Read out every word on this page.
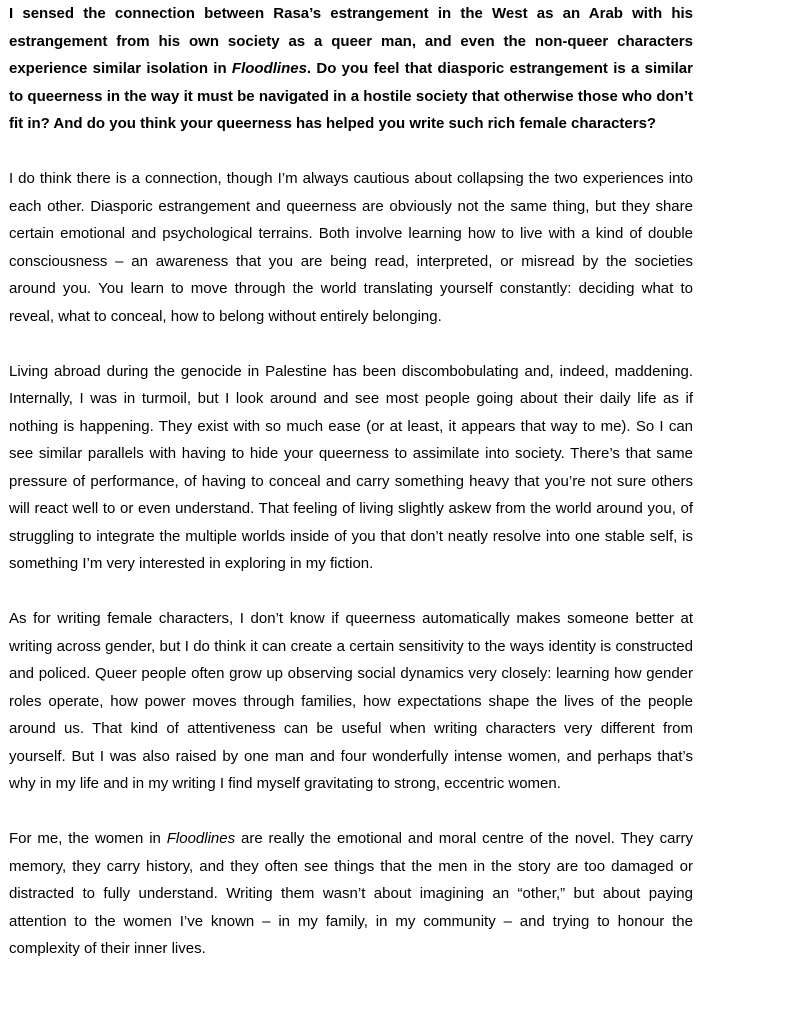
I sensed the connection between Rasa’s estrangement in the West as an Arab with his estrangement from his own society as a queer man, and even the non-queer characters experience similar isolation in Floodlines. Do you feel that diasporic estrangement is a similar to queerness in the way it must be navigated in a hostile society that otherwise those who don’t fit in? And do you think your queerness has helped you write such rich female characters?

I do think there is a connection, though I’m always cautious about collapsing the two experiences into each other. Diasporic estrangement and queerness are obviously not the same thing, but they share certain emotional and psychological terrains. Both involve learning how to live with a kind of double consciousness – an awareness that you are being read, interpreted, or misread by the societies around you. You learn to move through the world translating yourself constantly: deciding what to reveal, what to conceal, how to belong without entirely belonging.

Living abroad during the genocide in Palestine has been discombobulating and, indeed, maddening. Internally, I was in turmoil, but I look around and see most people going about their daily life as if nothing is happening. They exist with so much ease (or at least, it appears that way to me). So I can see similar parallels with having to hide your queerness to assimilate into society. There’s that same pressure of performance, of having to conceal and carry something heavy that you’re not sure others will react well to or even understand. That feeling of living slightly askew from the world around you, of struggling to integrate the multiple worlds inside of you that don’t neatly resolve into one stable self, is something I’m very interested in exploring in my fiction.

As for writing female characters, I don’t know if queerness automatically makes someone better at writing across gender, but I do think it can create a certain sensitivity to the ways identity is constructed and policed. Queer people often grow up observing social dynamics very closely: learning how gender roles operate, how power moves through families, how expectations shape the lives of the people around us. That kind of attentiveness can be useful when writing characters very different from yourself. But I was also raised by one man and four wonderfully intense women, and perhaps that’s why in my life and in my writing I find myself gravitating to strong, eccentric women.

For me, the women in Floodlines are really the emotional and moral centre of the novel. They carry memory, they carry history, and they often see things that the men in the story are too damaged or distracted to fully understand. Writing them wasn’t about imagining an “other,” but about paying attention to the women I’ve known – in my family, in my community – and trying to honour the complexity of their inner lives.
